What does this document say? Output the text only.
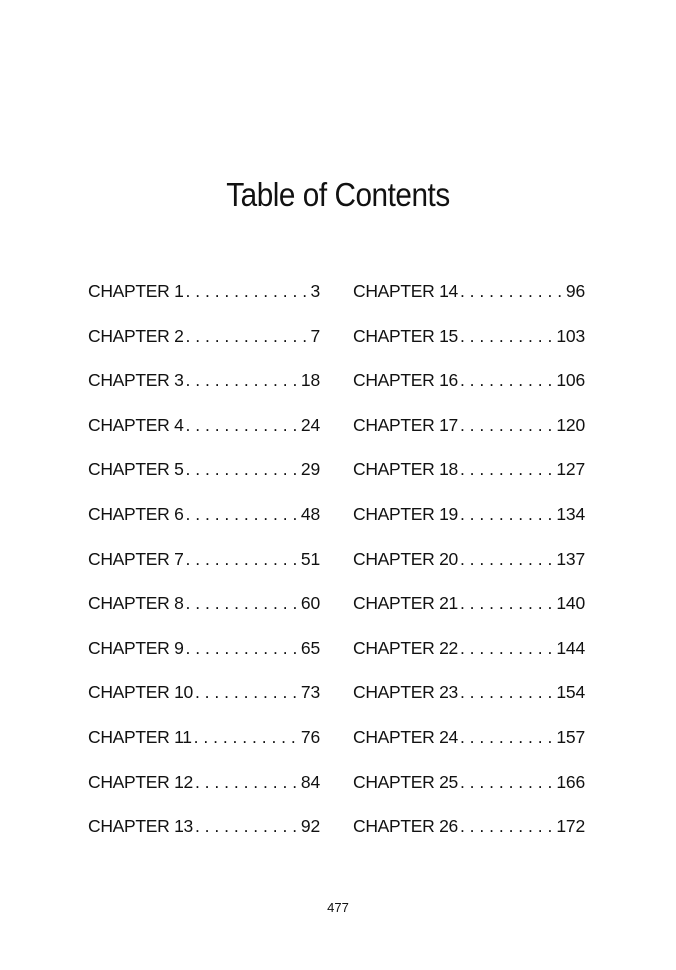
Table of Contents
CHAPTER 1 . . .	3
CHAPTER 2 . . .	7
CHAPTER 3 . . .	18
CHAPTER 4 . . .	24
CHAPTER 5 . . .	29
CHAPTER 6 . . .	48
CHAPTER 7 . . .	51
CHAPTER 8 . . .	60
CHAPTER 9 . . .	65
CHAPTER 10 . . .	73
CHAPTER 11 . . .	76
CHAPTER 12 . . .	84
CHAPTER 13 . . .	92
CHAPTER 14 . . .	96
CHAPTER 15 . . .	103
CHAPTER 16 . . .	106
CHAPTER 17 . . .	120
CHAPTER 18 . . .	127
CHAPTER 19 . . .	134
CHAPTER 20 . . .	137
CHAPTER 21 . . .	140
CHAPTER 22 . . .	144
CHAPTER 23 . . .	154
CHAPTER 24 . . .	157
CHAPTER 25 . . .	166
CHAPTER 26 . . .	172
477
